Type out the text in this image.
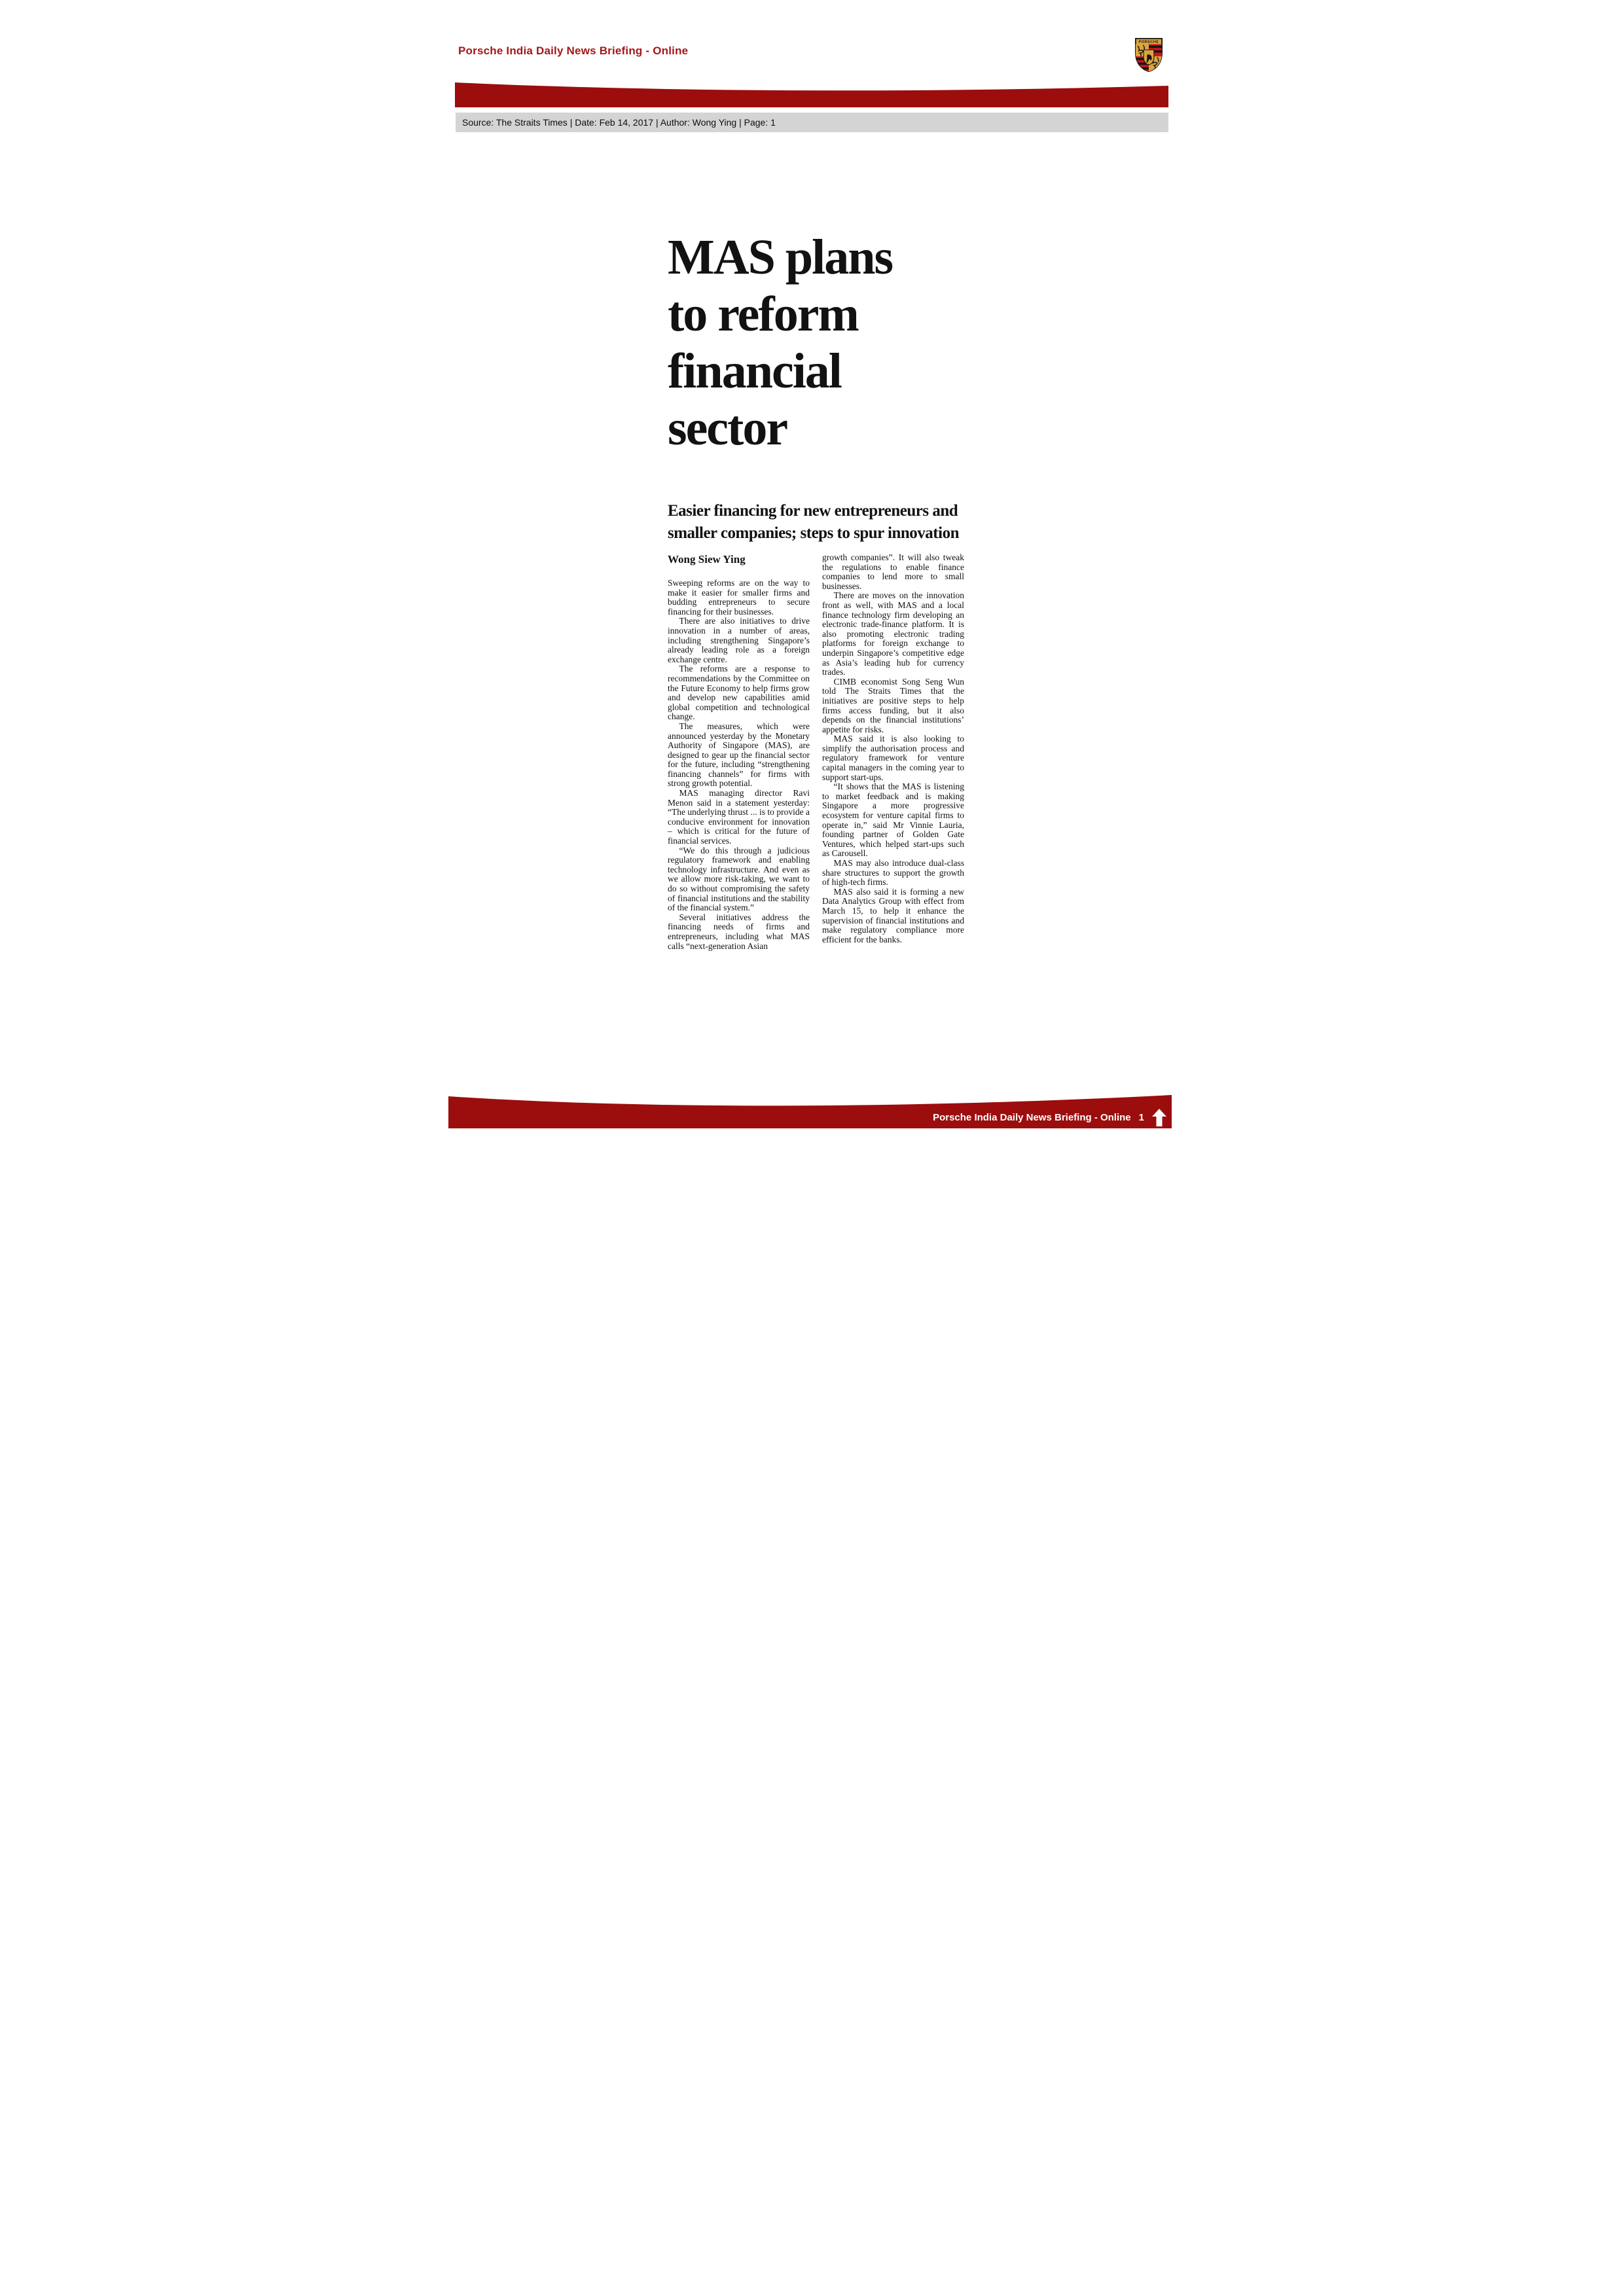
Porsche India Daily News Briefing - Online
PORSCHE
Source: The Straits Times | Date: Feb 14, 2017 | Author: Wong Ying | Page: 1
MAS plans
to reform
financial
sector
Easier financing for new entrepreneurs and
smaller companies; steps to spur innovation
Wong Siew Ying

Sweeping reforms are on the way to make it easier for smaller firms and budding entrepreneurs to secure financing for their businesses.

There are also initiatives to drive innovation in a number of areas, including strengthening Singapore’s already leading role as a foreign exchange centre.

The reforms are a response to recommendations by the Committee on the Future Economy to help firms grow and develop new capabilities amid global competition and technological change.

The measures, which were announced yesterday by the Monetary Authority of Singapore (MAS), are designed to gear up the financial sector for the future, including “strengthening financing channels” for firms with strong growth potential.

MAS managing director Ravi Menon said in a statement yesterday: “The underlying thrust ... is to provide a conducive environment for innovation – which is critical for the future of financial services.

“We do this through a judicious regulatory framework and enabling technology infrastructure. And even as we allow more risk-taking, we want to do so without compromising the safety of financial institutions and the stability of the financial system.”

Several initiatives address the financing needs of firms and entrepreneurs, including what MAS calls “next-generation Asian

growth companies”. It will also tweak the regulations to enable finance companies to lend more to small businesses.

There are moves on the innovation front as well, with MAS and a local finance technology firm developing an electronic trade-finance platform. It is also promoting electronic trading platforms for foreign exchange to underpin Singapore’s competitive edge as Asia’s leading hub for currency trades.

CIMB economist Song Seng Wun told The Straits Times that the initiatives are positive steps to help firms access funding, but it also depends on the financial institutions’ appetite for risks.

MAS said it is also looking to simplify the authorisation process and regulatory framework for venture capital managers in the coming year to support start-ups.

“It shows that the MAS is listening to market feedback and is making Singapore a more progressive ecosystem for venture capital firms to operate in,” said Mr Vinnie Lauria, founding partner of Golden Gate Ventures, which helped start-ups such as Carousell.

MAS may also introduce dual-class share structures to support the growth of high-tech firms.

MAS also said it is forming a new Data Analytics Group with effect from March 15, to help it enhance the supervision of financial institutions and make regulatory compliance more efficient for the banks.

Porsche India Daily News Briefing - Online 1
